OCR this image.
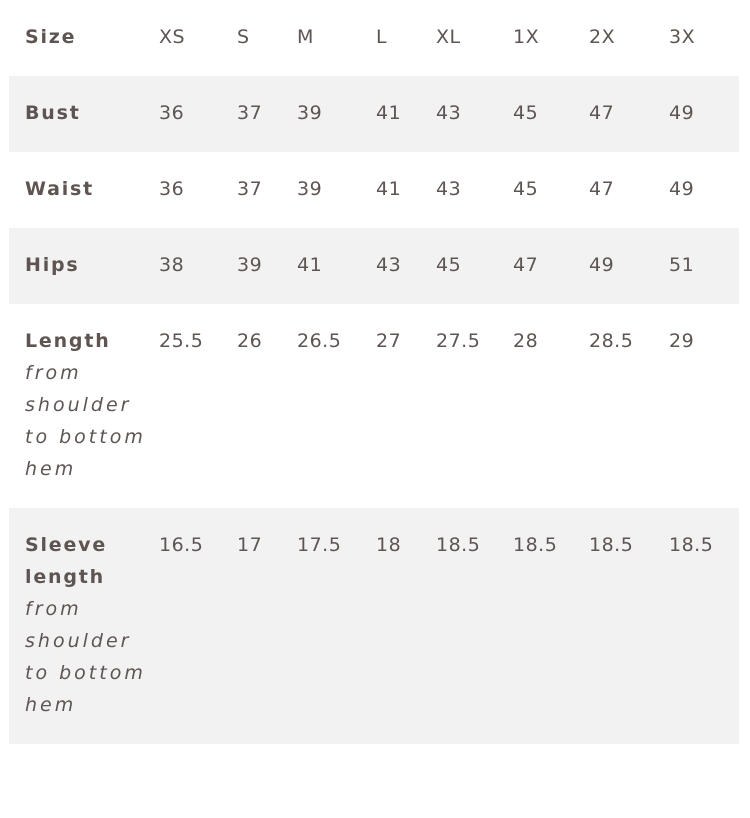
Size	XS	S	M	L	XL	1X	2X	3X

Bust	36	37	39	41	43	45	47	49

Waist	36	37	39	41	43	45	47	49

Hips	38	39	41	43	45	47	49	51

Length
from shoulder to bottom hem	25.5	26	26.5	27	27.5	28	28.5	29

Sleeve length
from shoulder to bottom hem	16.5	17	17.5	18	18.5	18.5	18.5	18.5
